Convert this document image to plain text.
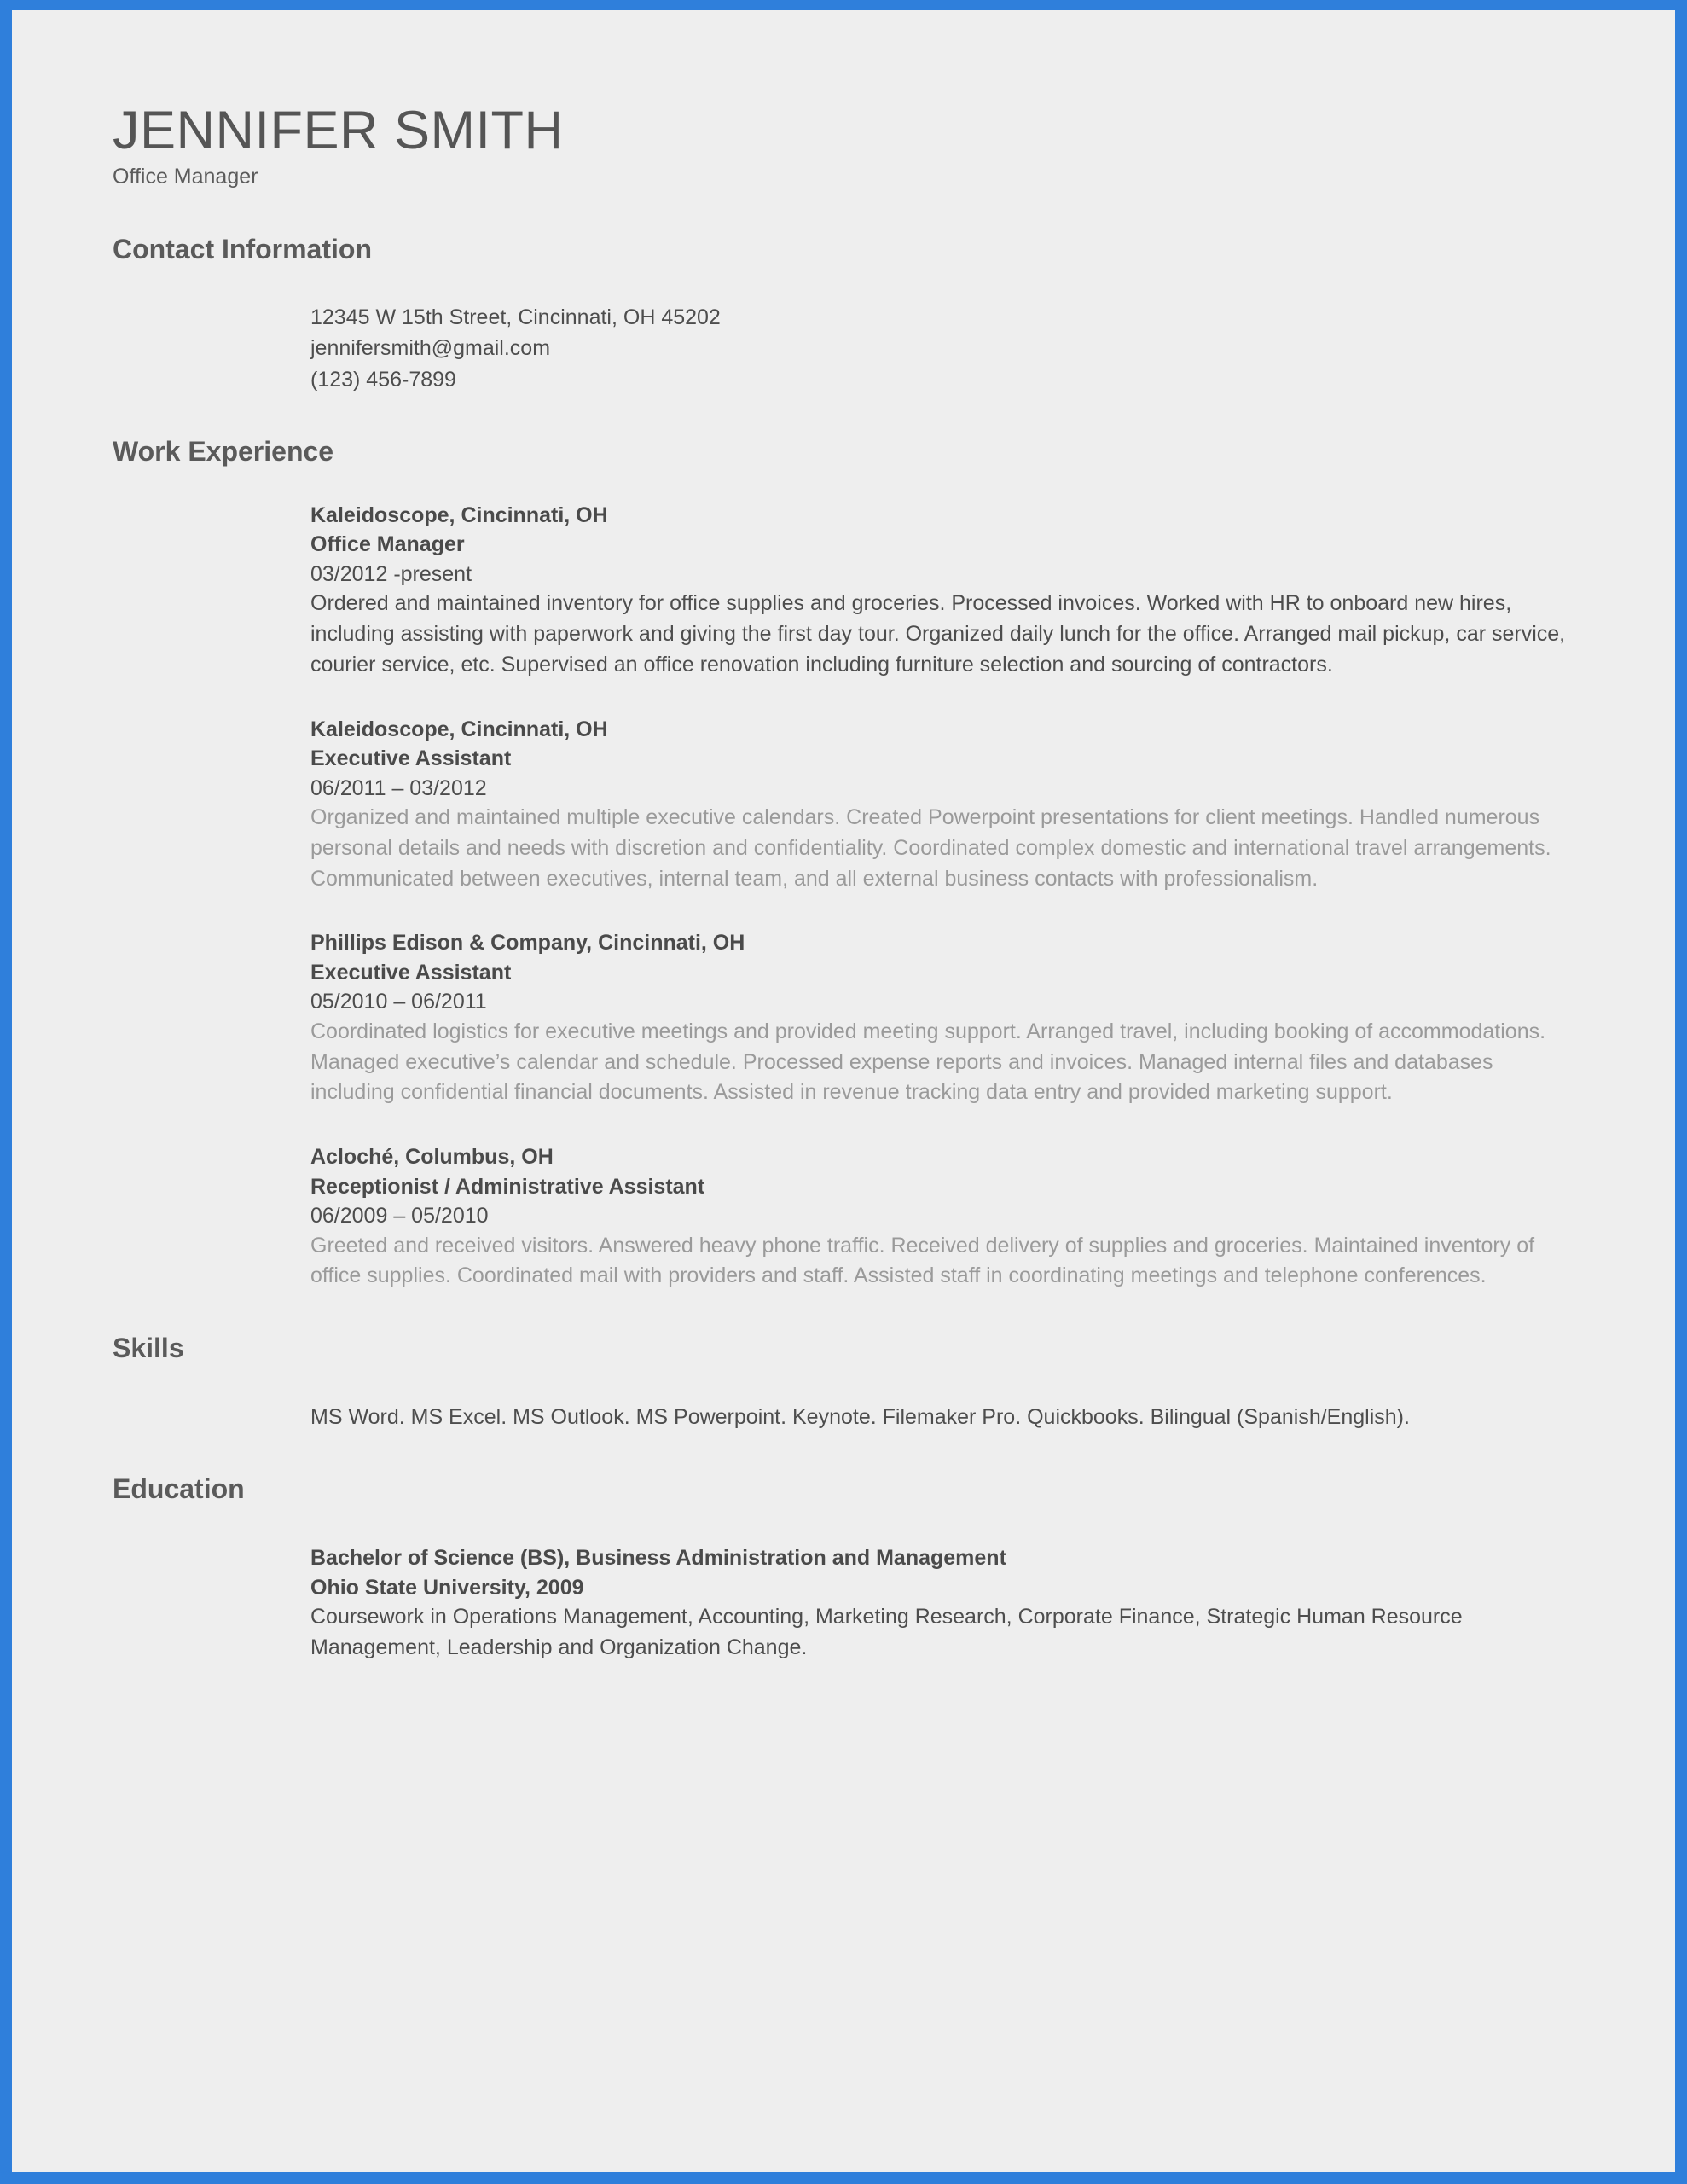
JENNIFER SMITH
Office Manager
Contact Information
12345 W 15th Street, Cincinnati, OH 45202
jennifersmith@gmail.com
(123) 456-7899
Work Experience
Kaleidoscope, Cincinnati, OH
Office Manager
03/2012 -present
Ordered and maintained inventory for office supplies and groceries. Processed invoices. Worked with HR to onboard new hires, including assisting with paperwork and giving the first day tour. Organized daily lunch for the office. Arranged mail pickup, car service, courier service, etc. Supervised an office renovation including furniture selection and sourcing of contractors.
Kaleidoscope, Cincinnati, OH
Executive Assistant
06/2011 – 03/2012
Organized and maintained multiple executive calendars. Created Powerpoint presentations for client meetings. Handled numerous personal details and needs with discretion and confidentiality. Coordinated complex domestic and international travel arrangements. Communicated between executives, internal team, and all external business contacts with professionalism.
Phillips Edison & Company, Cincinnati, OH
Executive Assistant
05/2010 – 06/2011
Coordinated logistics for executive meetings and provided meeting support. Arranged travel, including booking of accommodations. Managed executive’s calendar and schedule. Processed expense reports and invoices. Managed internal files and databases including confidential financial documents. Assisted in revenue tracking data entry and provided marketing support.
Acloché, Columbus, OH
Receptionist / Administrative Assistant
06/2009 – 05/2010
Greeted and received visitors. Answered heavy phone traffic. Received delivery of supplies and groceries. Maintained inventory of office supplies. Coordinated mail with providers and staff. Assisted staff in coordinating meetings and telephone conferences.
Skills
MS Word. MS Excel. MS Outlook. MS Powerpoint. Keynote. Filemaker Pro. Quickbooks. Bilingual (Spanish/English).
Education
Bachelor of Science (BS), Business Administration and Management
Ohio State University, 2009
Coursework in Operations Management, Accounting, Marketing Research, Corporate Finance, Strategic Human Resource Management, Leadership and Organization Change.
